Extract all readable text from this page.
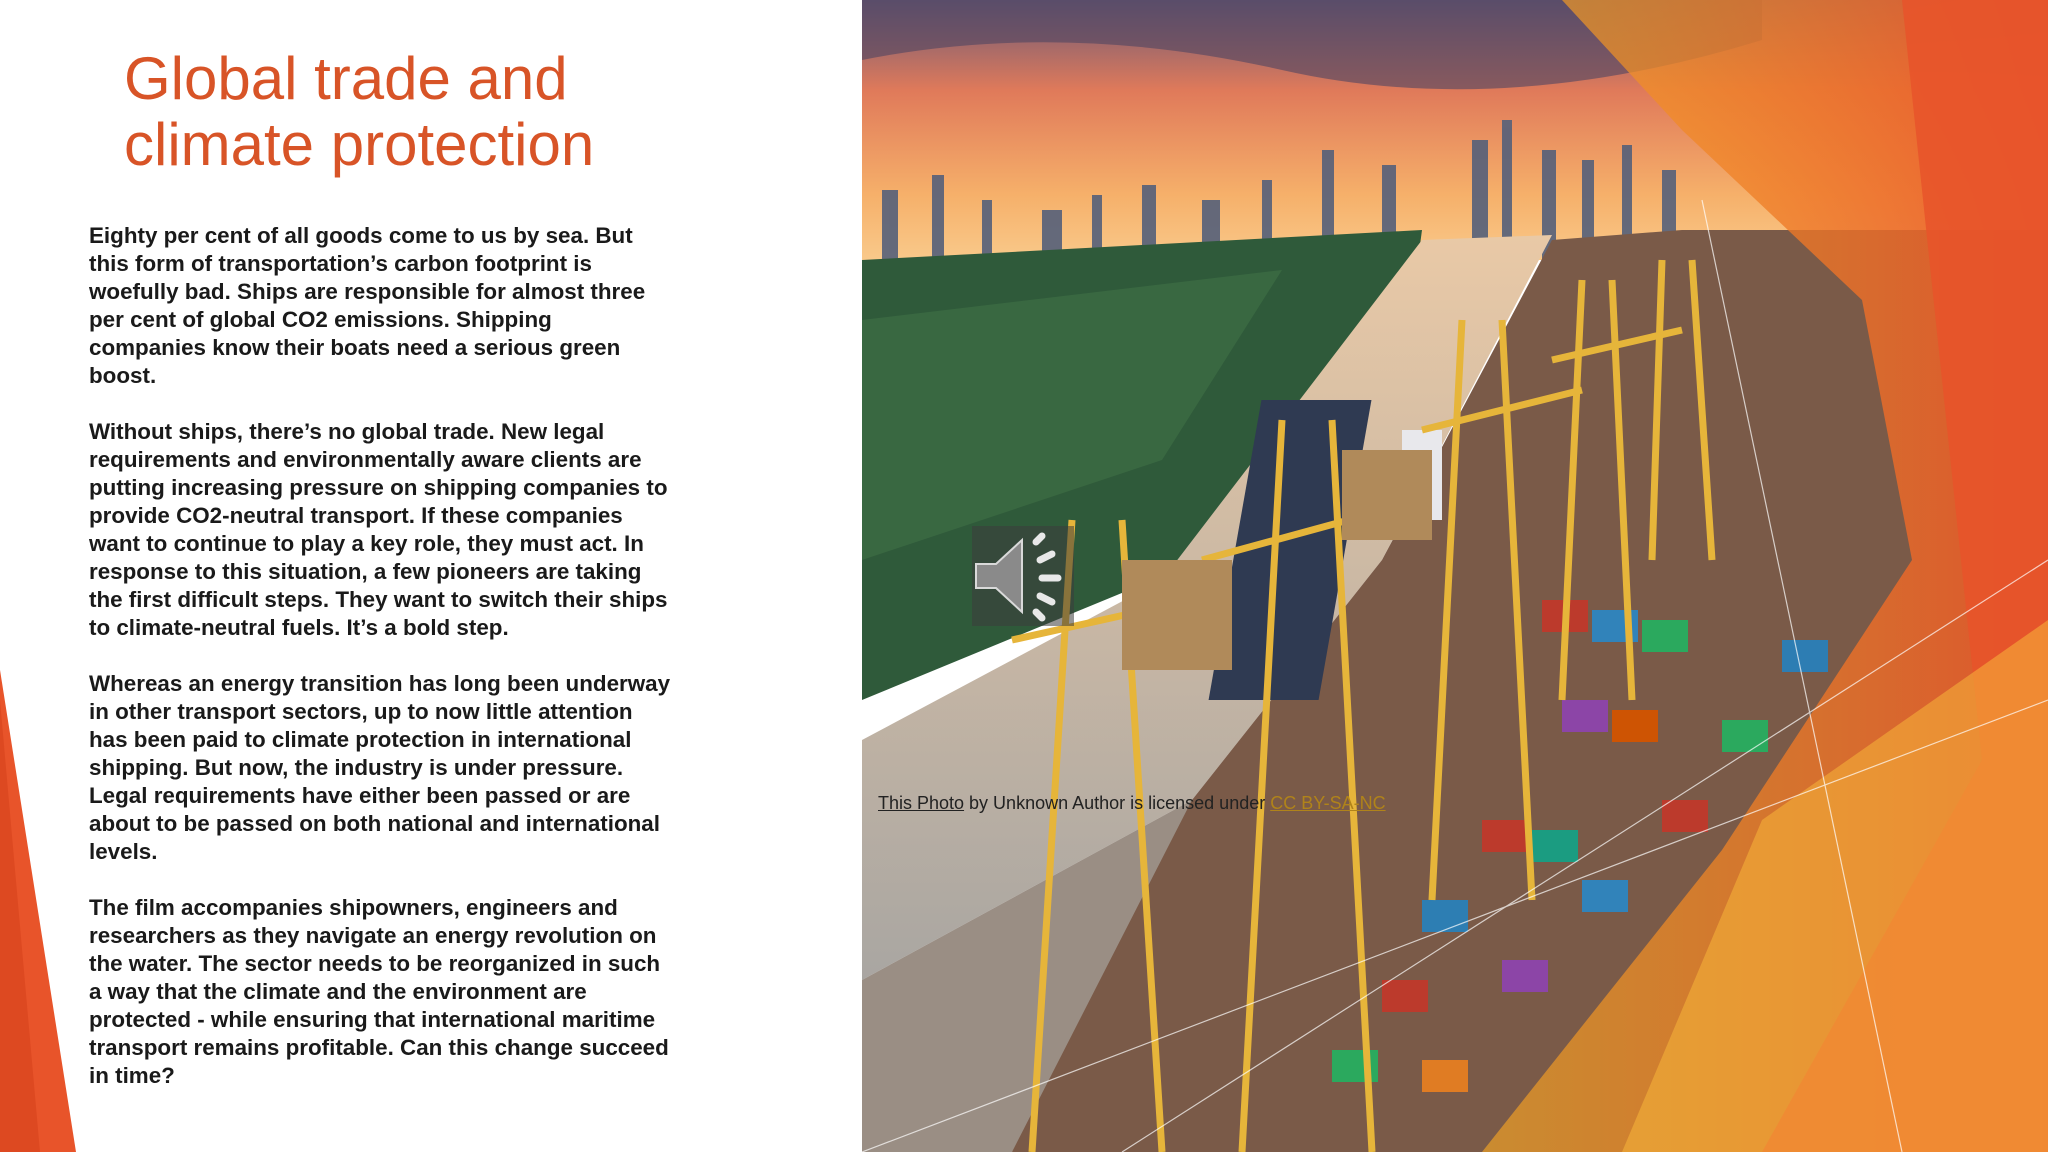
Global trade and
climate protection

Eighty per cent of all goods come to us by sea. But
this form of transportation’s carbon footprint is
woefully bad. Ships are responsible for almost three
per cent of global CO2 emissions. Shipping
companies know their boats need a serious green
boost.

Without ships, there’s no global trade. New legal
requirements and environmentally aware clients are
putting increasing pressure on shipping companies to
provide CO2-neutral transport. If these companies
want to continue to play a key role, they must act. In
response to this situation, a few pioneers are taking
the first difficult steps. They want to switch their ships
to climate-neutral fuels. It’s a bold step.

Whereas an energy transition has long been underway
in other transport sectors, up to now little attention
has been paid to climate protection in international
shipping. But now, the industry is under pressure.
Legal requirements have either been passed or are
about to be passed on both national and international
levels.

The film accompanies shipowners, engineers and
researchers as they navigate an energy revolution on
the water. The sector needs to be reorganized in such
a way that the climate and the environment are
protected - while ensuring that international maritime
transport remains profitable. Can this change succeed
in time?

This Photo by Unknown Author is licensed under CC BY-SA-NC
